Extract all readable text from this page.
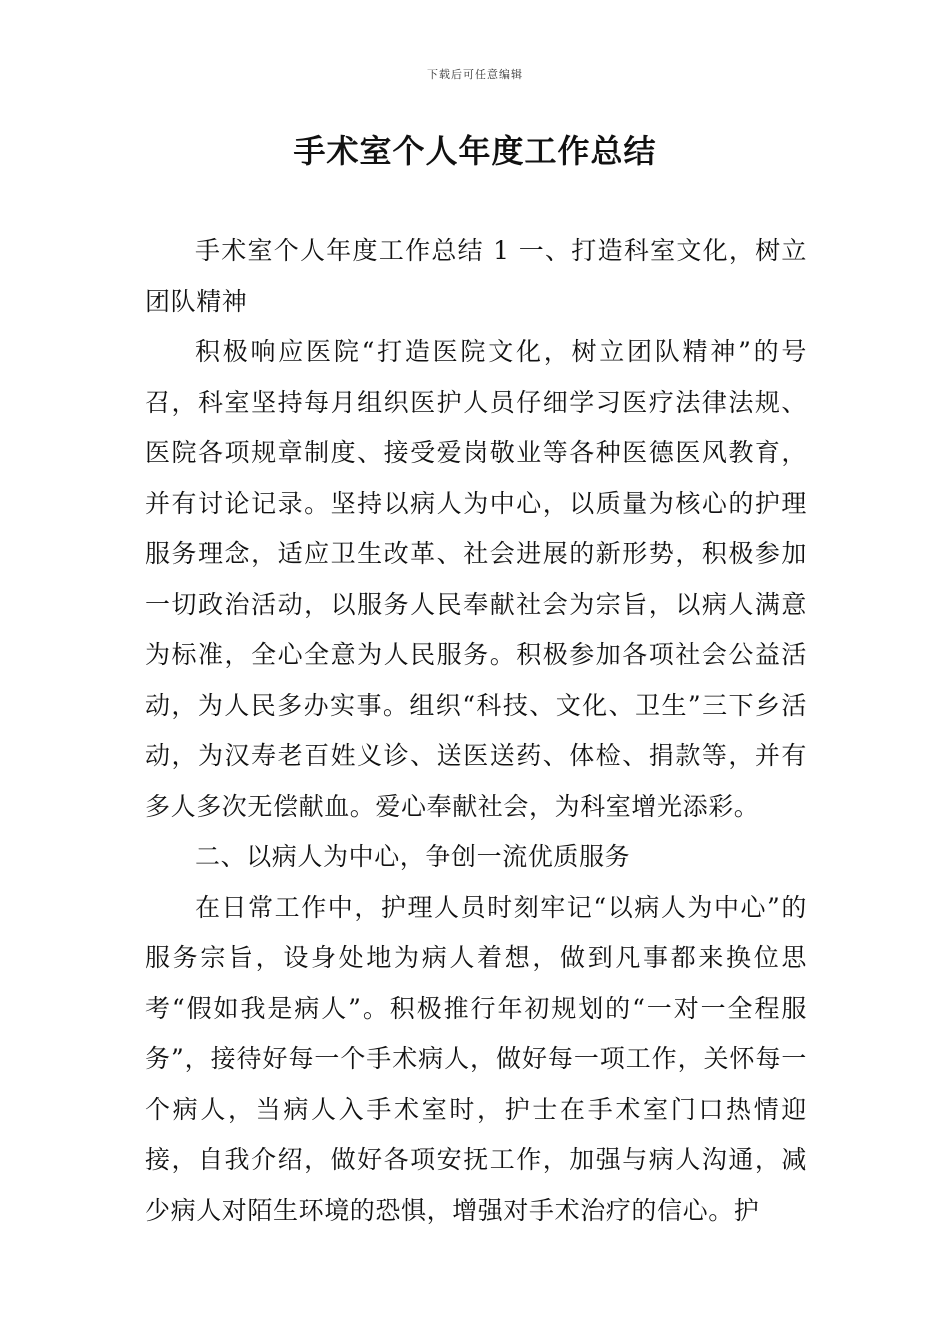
下载后可任意编辑
手术室个人年度工作总结

手术室个人年度工作总结 1 一、打造科室文化，树立团队精神

积极响应医院“打造医院文化，树立团队精神”的号召，科室坚持每月组织医护人员仔细学习医疗法律法规、医院各项规章制度、接受爱岗敬业等各种医德医风教育，并有讨论记录。坚持以病人为中心，以质量为核心的护理服务理念，适应卫生改革、社会进展的新形势，积极参加一切政治活动，以服务人民奉献社会为宗旨，以病人满意为标准，全心全意为人民服务。积极参加各项社会公益活动，为人民多办实事。组织“科技、文化、卫生”三下乡活动，为汉寿老百姓义诊、送医送药、体检、捐款等，并有多人多次无偿献血。爱心奉献社会，为科室增光添彩。

二、以病人为中心，争创一流优质服务

在日常工作中，护理人员时刻牢记“以病人为中心”的服务宗旨，设身处地为病人着想，做到凡事都来换位思考“假如我是病人”。积极推行年初规划的“一对一全程服务”，接待好每一个手术病人，做好每一项工作，关怀每一个病人，当病人入手术室时，护士在手术室门口热情迎接，自我介绍，做好各项安抚工作，加强与病人沟通，减少病人对陌生环境的恐惧，增强对手术治疗的信心。护
